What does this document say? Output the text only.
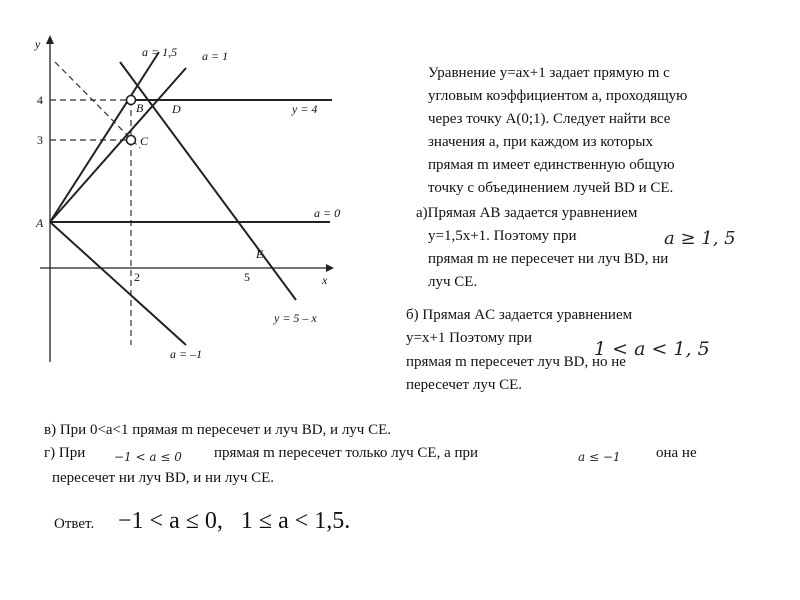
x
y
4
3
2	5
A
B
C
D
E
a = 1,5 a = 1
y = 4
a = 0
y = 5 – x
a = –1
Уравнение y=ax+1 задает прямую m с
угловым коэффициентом a, проходящую
через точку A(0;1). Следует найти все
значения a, при каждом из которых
прямая m имеет единственную общую
точку с объединением лучей BD и CE.
а)Прямая AB задается уравнением
y=1,5x+1. Поэтому при	a ≥ 1, 5
прямая m не пересечет ни луч BD, ни
луч CE.
б) Прямая AC задается уравнением
y=x+1 Поэтому при	1 < a < 1, 5
прямая m пересечет луч BD, но не
пересечет луч CE.
в) При 0<a<1 прямая m пересечет и луч BD, и луч CE.
г) При −1 < a ≤ 0 прямая m пересечет только луч CE, а при	a ≤ −1 она не
пересечет ни луч BD, и ни луч CE.
Ответ. −1 < a ≤ 0,   1 ≤ a < 1,5.
